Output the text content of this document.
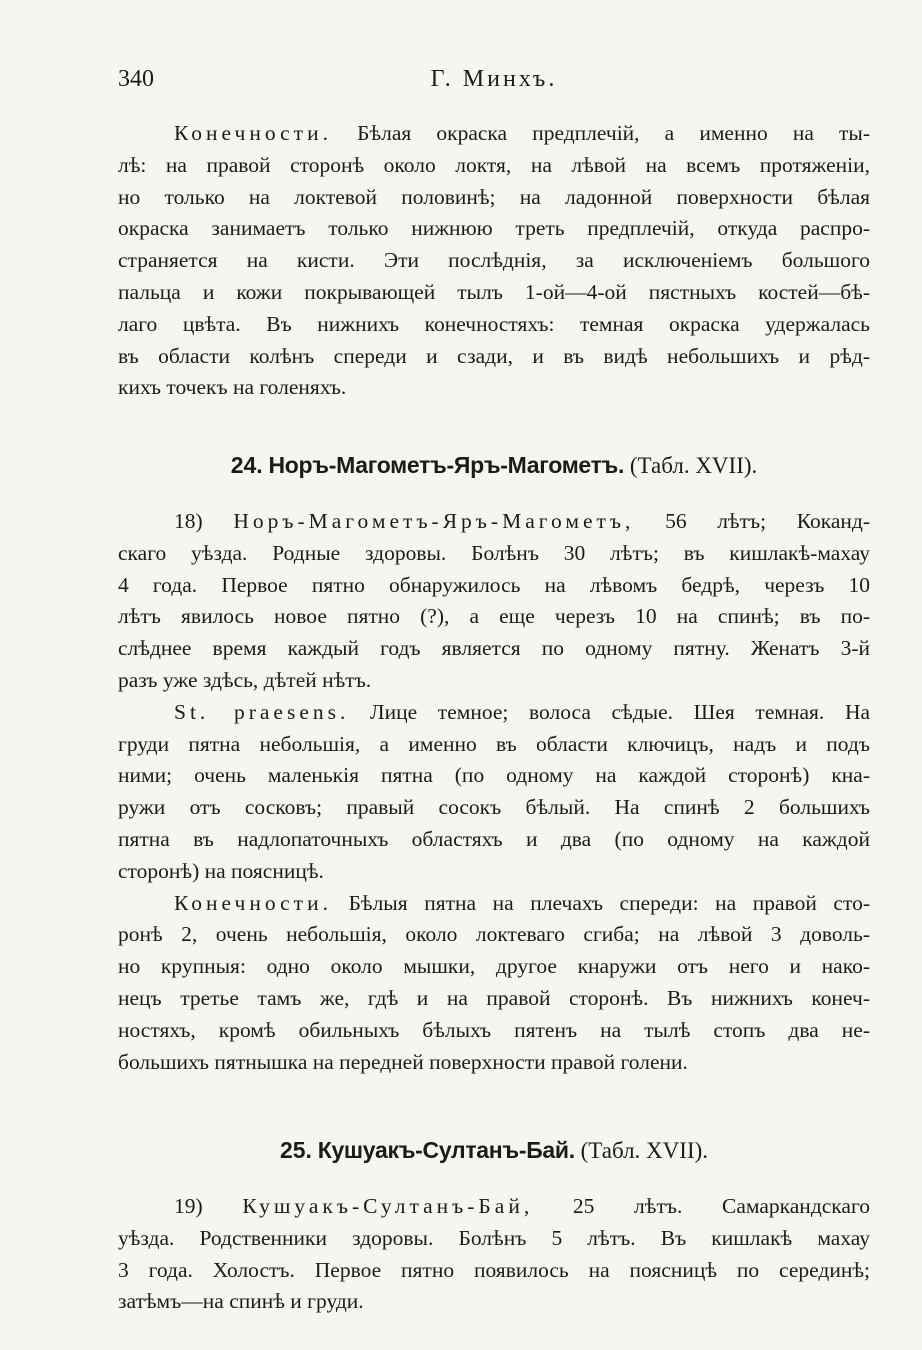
340	Г. Минхъ.
Конечности. Бѣлая окраска предплечій, а именно на ты-
лѣ: на правой сторонѣ около локтя, на лѣвой на всемъ протяженіи,
но только на локтевой половинѣ; на ладонной поверхности бѣлая
окраска занимаетъ только нижнюю треть предплечій, откуда распро-
страняется на кисти. Эти послѣднія, за исключеніемъ большого
пальца и кожи покрывающей тылъ 1-ой—4-ой пястныхъ костей—бѣ-
лаго цвѣта. Въ нижнихъ конечностяхъ: темная окраска удержалась
въ области колѣнъ спереди и сзади, и въ видѣ небольшихъ и рѣд-
кихъ точекъ на голеняхъ.
24. Норъ-Магометъ-Яръ-Магометъ. (Табл. XVII).
18) Норъ-Магометъ-Яръ-Магометъ, 56 лѣтъ; Коканд-
скаго уѣзда. Родные здоровы. Болѣнъ 30 лѣтъ; въ кишлакѣ-махау
4 года. Первое пятно обнаружилось на лѣвомъ бедрѣ, черезъ 10
лѣтъ явилось новое пятно (?), а еще черезъ 10 на спинѣ; въ по-
слѣднее время каждый годъ является по одному пятну. Женатъ 3-й
разъ уже здѣсь, дѣтей нѣтъ.
St. praesens. Лице темное; волоса сѣдые. Шея темная. На
груди пятна небольшія, а именно въ области ключицъ, надъ и подъ
ними; очень маленькія пятна (по одному на каждой сторонѣ) кна-
ружи отъ сосковъ; правый сосокъ бѣлый. На спинѣ 2 большихъ
пятна въ надлопаточныхъ областяхъ и два (по одному на каждой
сторонѣ) на поясницѣ.
Конечности. Бѣлыя пятна на плечахъ спереди: на правой сто-
ронѣ 2, очень небольшія, около локтеваго сгиба; на лѣвой 3 доволь-
но крупныя: одно около мышки, другое кнаружи отъ него и нако-
нецъ третье тамъ же, гдѣ и на правой сторонѣ. Въ нижнихъ конеч-
ностяхъ, кромѣ обильныхъ бѣлыхъ пятенъ на тылѣ стопъ два не-
большихъ пятнышка на передней поверхности правой голени.
25. Кушуакъ-Султанъ-Бай. (Табл. XVII).
19) Кушуакъ-Султанъ-Бай, 25 лѣтъ. Самаркандскаго
уѣзда. Родственники здоровы. Болѣнъ 5 лѣтъ. Въ кишлакѣ махау
3 года. Холостъ. Первое пятно появилось на поясницѣ по серединѣ;
затѣмъ—на спинѣ и груди.
